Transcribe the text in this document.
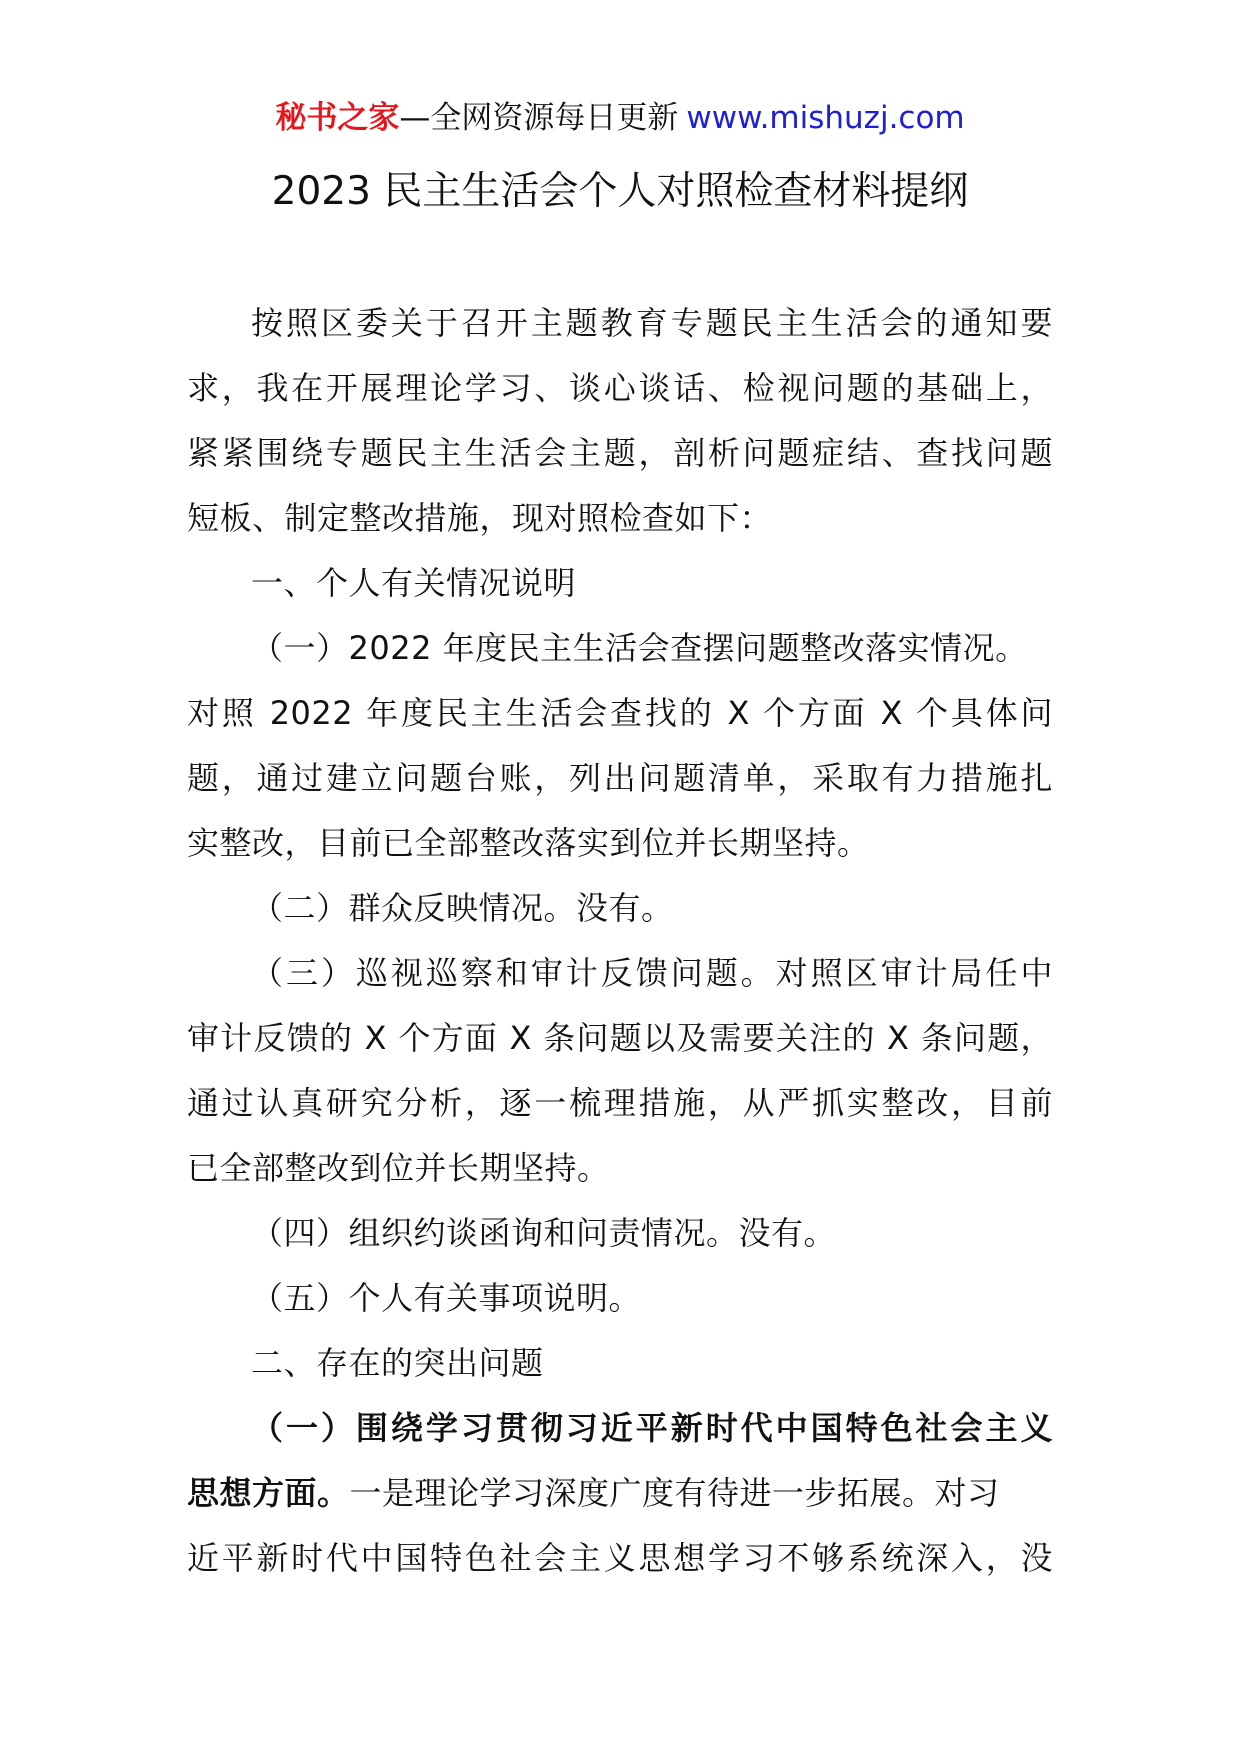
秘书之家—全网资源每日更新 www.mishuzj.com
2023 民主生活会个人对照检查材料提纲
按照区委关于召开主题教育专题民主生活会的通知要
求，我在开展理论学习、谈心谈话、检视问题的基础上，
紧紧围绕专题民主生活会主题，剖析问题症结、查找问题
短板、制定整改措施，现对照检查如下：
一、个人有关情况说明
（一）2022 年度民主生活会查摆问题整改落实情况。
对照 2022 年度民主生活会查找的 X 个方面 X 个具体问
题，通过建立问题台账，列出问题清单，采取有力措施扎
实整改，目前已全部整改落实到位并长期坚持。
（二）群众反映情况。没有。
（三）巡视巡察和审计反馈问题。对照区审计局任中
审计反馈的 X 个方面 X 条问题以及需要关注的 X 条问题，
通过认真研究分析，逐一梳理措施，从严抓实整改，目前
已全部整改到位并长期坚持。
（四）组织约谈函询和问责情况。没有。
（五）个人有关事项说明。
二、存在的突出问题
（一）围绕学习贯彻习近平新时代中国特色社会主义
思想方面。一是理论学习深度广度有待进一步拓展。对习
近平新时代中国特色社会主义思想学习不够系统深入，没
